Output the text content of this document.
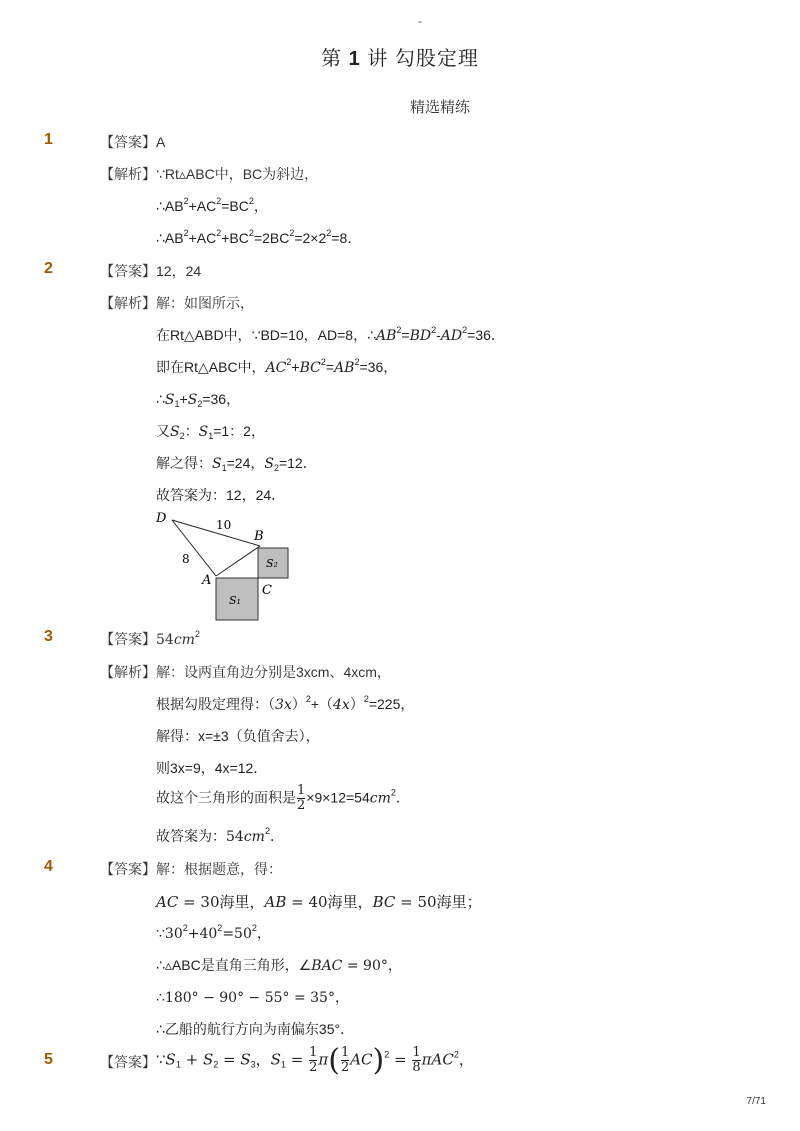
-
第 1 讲 勾股定理
精选精练
1	【答案】A
【解析】∵Rt▵ABC中，BC为斜边，
$\therefore AB^2+AC^2=BC^2$，
$\therefore AB^2+AC^2+BC^2=2BC^2=2\times 2^2=8$．
2	【答案】12，24
【解析】解：如图所示，
在Rt△ABD中，∵BD=10，AD=8，$\therefore AB^2=BD^2-AD^2=36$．
即在Rt△ABC中，$AC^2+BC^2=AB^2=36$，
$\therefore S_1+S_2=36$，
又$S_2$：$S_1=1$：2，
解之得：$S_1=24$，$S_2=12$．
故答案为：12，24．
D
B
A
C
10
8	S₂
S₁
3	【答案】$54cm^2$
【解析】解：设两直角边分别是3xcm、4xcm，
根据勾股定理得：$(3x)^2+(4x)^2=225$，
解得：x=±3（负值舍去），
则3x=9，4x=12．
故这个三角形的面积是 $\frac{1}{2} \times 9\times 12=54cm^2$．
故答案为：$54cm^2$．
4	【答案】解：根据题意，得：
AC = 30海里，AB = 40海里，BC = 50海里；
$\because 30^2+40^2=50^2$，
∴▵ABC是直角三角形，∠BAC = 90°，
∴180° − 90° − 55° = 35°，
∴乙船的航行方向为南偏东35°．
5	【答案】 $\because S_1 + S_2 = S_3$，$S_1 = \frac{1}{2} \pi( \frac{1}{2} AC)^2 = \frac{1}{8} \pi AC^2$，
7/71
